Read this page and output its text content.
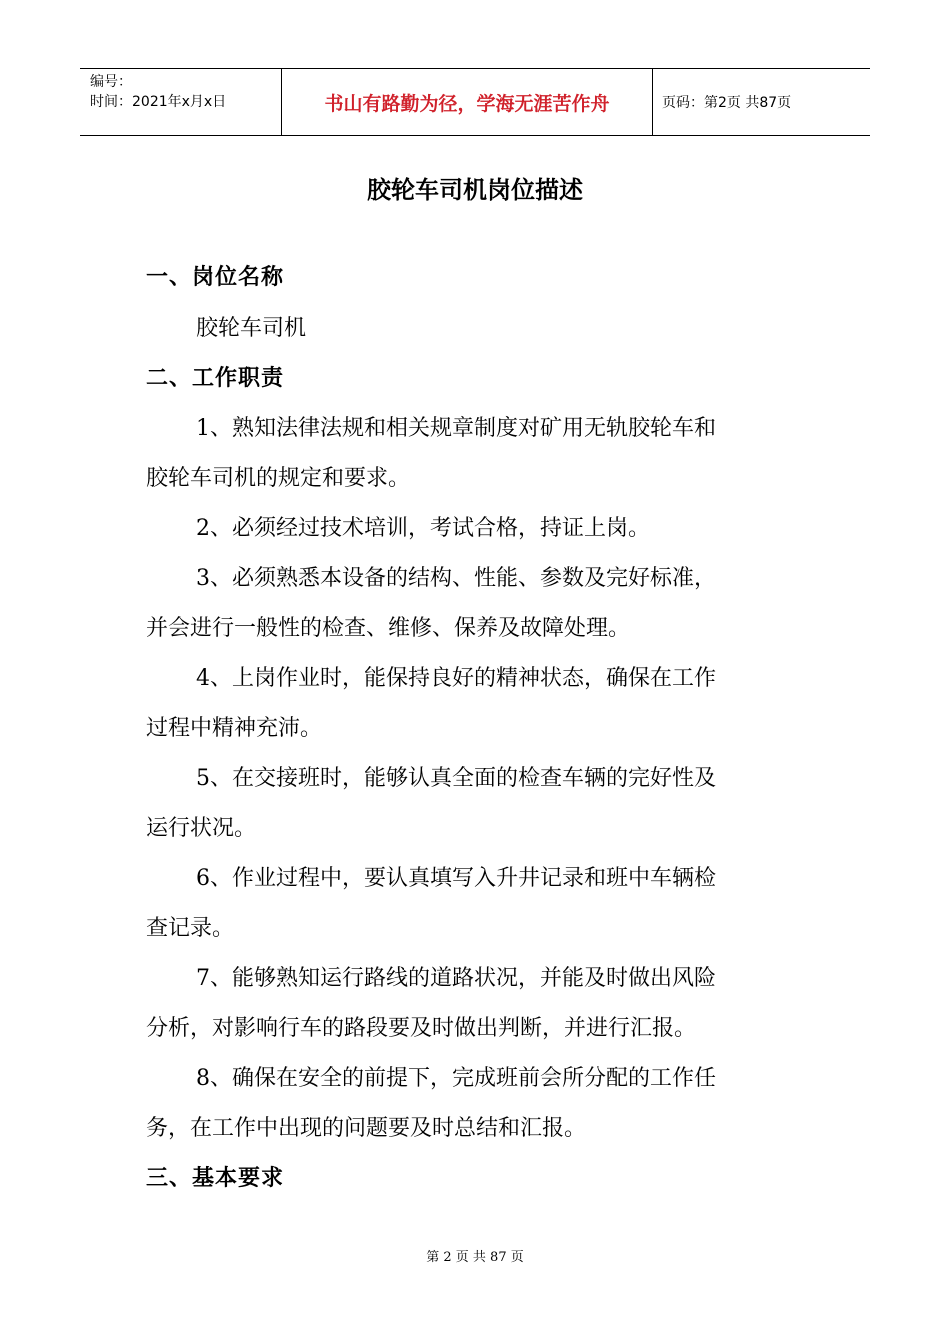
编号：
时间：2021年x月x日	书山有路勤为径，学海无涯苦作舟	页码：第2页 共87页
胶轮车司机岗位描述
一、岗位名称
胶轮车司机
二、工作职责
1、熟知法律法规和相关规章制度对矿用无轨胶轮车和
胶轮车司机的规定和要求。
2、必须经过技术培训，考试合格，持证上岗。
3、必须熟悉本设备的结构、性能、参数及完好标准，
并会进行一般性的检查、维修、保养及故障处理。
4、上岗作业时，能保持良好的精神状态，确保在工作
过程中精神充沛。
5、在交接班时，能够认真全面的检查车辆的完好性及
运行状况。
6、作业过程中，要认真填写入升井记录和班中车辆检
查记录。
7、能够熟知运行路线的道路状况，并能及时做出风险
分析，对影响行车的路段要及时做出判断，并进行汇报。
8、确保在安全的前提下，完成班前会所分配的工作任
务，在工作中出现的问题要及时总结和汇报。
三、基本要求
第 2 页 共 87 页
